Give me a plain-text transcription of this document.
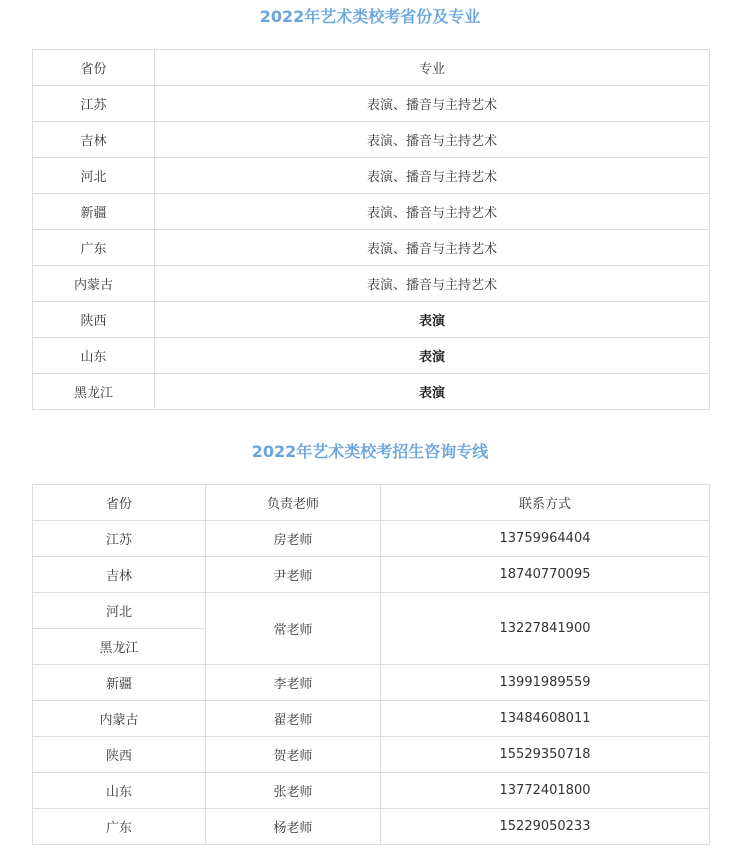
2022年艺术类校考省份及专业
省份	专业
江苏	表演、播音与主持艺术
吉林	表演、播音与主持艺术
河北	表演、播音与主持艺术
新疆	表演、播音与主持艺术
广东	表演、播音与主持艺术
内蒙古	表演、播音与主持艺术
陕西	表演
山东	表演
黑龙江	表演
2022年艺术类校考招生咨询专线
省份	负责老师	联系方式
江苏	房老师	13759964404
吉林	尹老师	18740770095
河北	常老师	13227841900
黑龙江		
新疆	李老师	13991989559
内蒙古	翟老师	13484608011
陕西	贺老师	15529350718
山东	张老师	13772401800
广东	杨老师	15229050233
